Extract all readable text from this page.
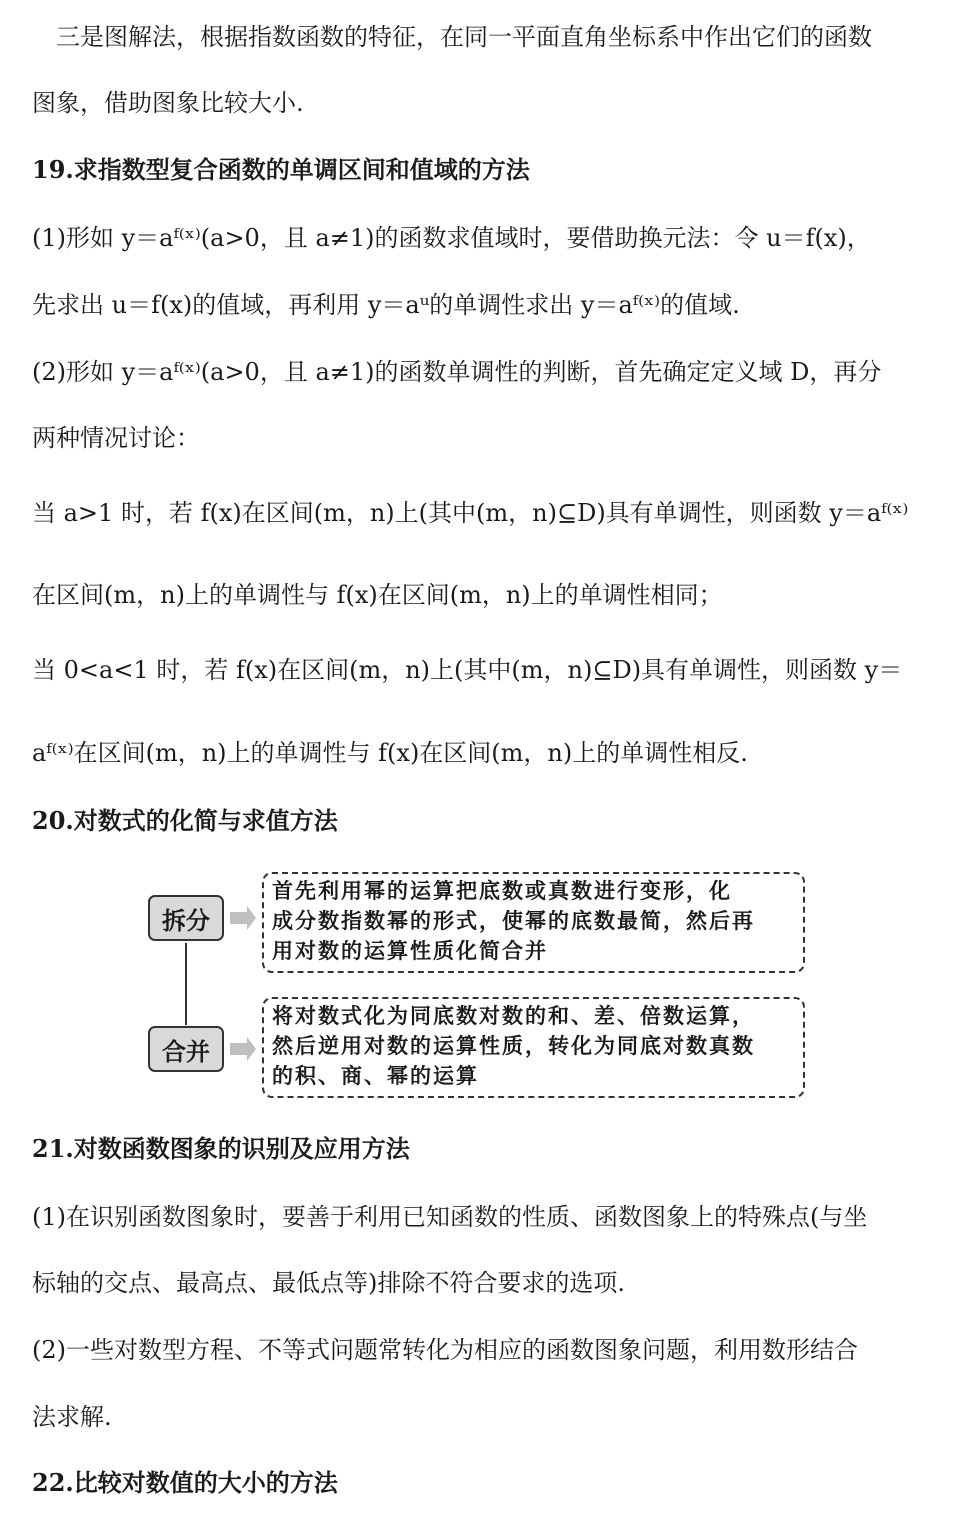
三是图解法，根据指数函数的特征，在同一平面直角坐标系中作出它们的函数
图象，借助图象比较大小.
19.求指数型复合函数的单调区间和值域的方法
(1)形如 y＝aᶠ⁽ˣ⁾(a>0，且 a≠1)的函数求值域时，要借助换元法：令 u＝f(x)，
先求出 u＝f(x)的值域，再利用 y＝aᵘ的单调性求出 y＝aᶠ⁽ˣ⁾的值域.
(2)形如 y＝aᶠ⁽ˣ⁾(a>0，且 a≠1)的函数单调性的判断，首先确定定义域 D，再分
两种情况讨论：
当 a>1 时，若 f(x)在区间(m，n)上(其中(m，n)⊆D)具有单调性，则函数 y＝aᶠ⁽ˣ⁾
在区间(m，n)上的单调性与 f(x)在区间(m，n)上的单调性相同；
当 0<a<1 时，若 f(x)在区间(m，n)上(其中(m，n)⊆D)具有单调性，则函数 y＝
aᶠ⁽ˣ⁾在区间(m，n)上的单调性与 f(x)在区间(m，n)上的单调性相反.
20.对数式的化简与求值方法
拆分
首先利用幂的运算把底数或真数进行变形，化
成分数指数幂的形式，使幂的底数最简，然后再
用对数的运算性质化简合并
合并
将对数式化为同底数对数的和、差、倍数运算，
然后逆用对数的运算性质，转化为同底对数真数
的积、商、幂的运算
21.对数函数图象的识别及应用方法
(1)在识别函数图象时，要善于利用已知函数的性质、函数图象上的特殊点(与坐
标轴的交点、最高点、最低点等)排除不符合要求的选项.
(2)一些对数型方程、不等式问题常转化为相应的函数图象问题，利用数形结合
法求解.
22.比较对数值的大小的方法
